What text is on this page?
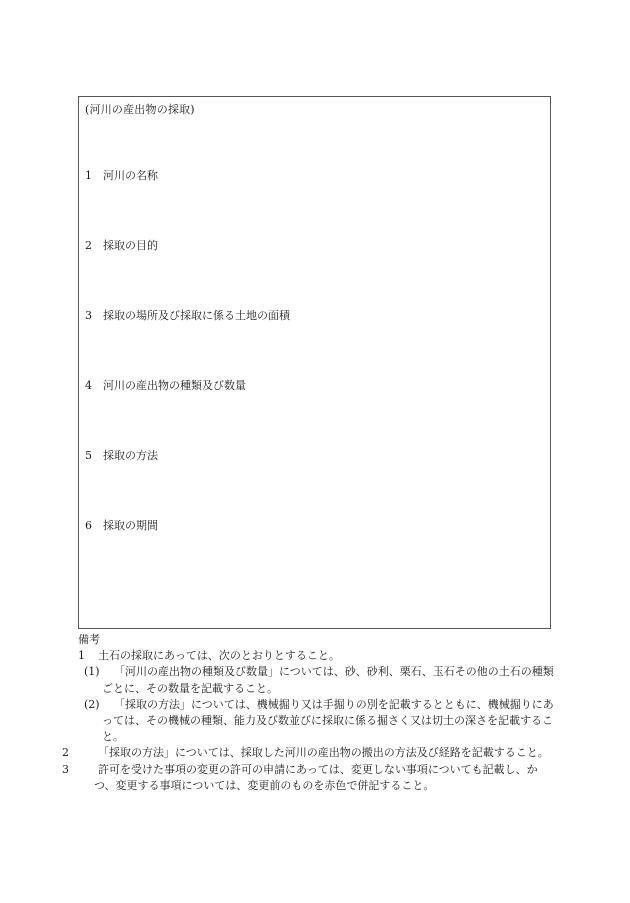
(河川の産出物の採取)
1 河川の名称
2 採取の目的
3 採取の場所及び採取に係る土地の面積
4 河川の産出物の種類及び数量
5 採取の方法
6 採取の期間

備考

1 土石の採取にあっては、次のとおりとすること。

(1) 「河川の産出物の種類及び数量」については、砂、砂利、栗石、玉石その他の土石の種類ごとに、その数量を記載すること。

(2) 「採取の方法」については、機械掘り又は手掘りの別を記載するとともに、機械掘りにあっては、その機械の種類、能力及び数並びに採取に係る掘さく又は切土の深さを記載すること。

2	「採取の方法」については、採取した河川の産出物の搬出の方法及び経路を記載すること。

3	許可を受けた事項の変更の許可の申請にあっては、変更しない事項についても記載し、かつ、変更する事項については、変更前のものを赤色で併記すること。
